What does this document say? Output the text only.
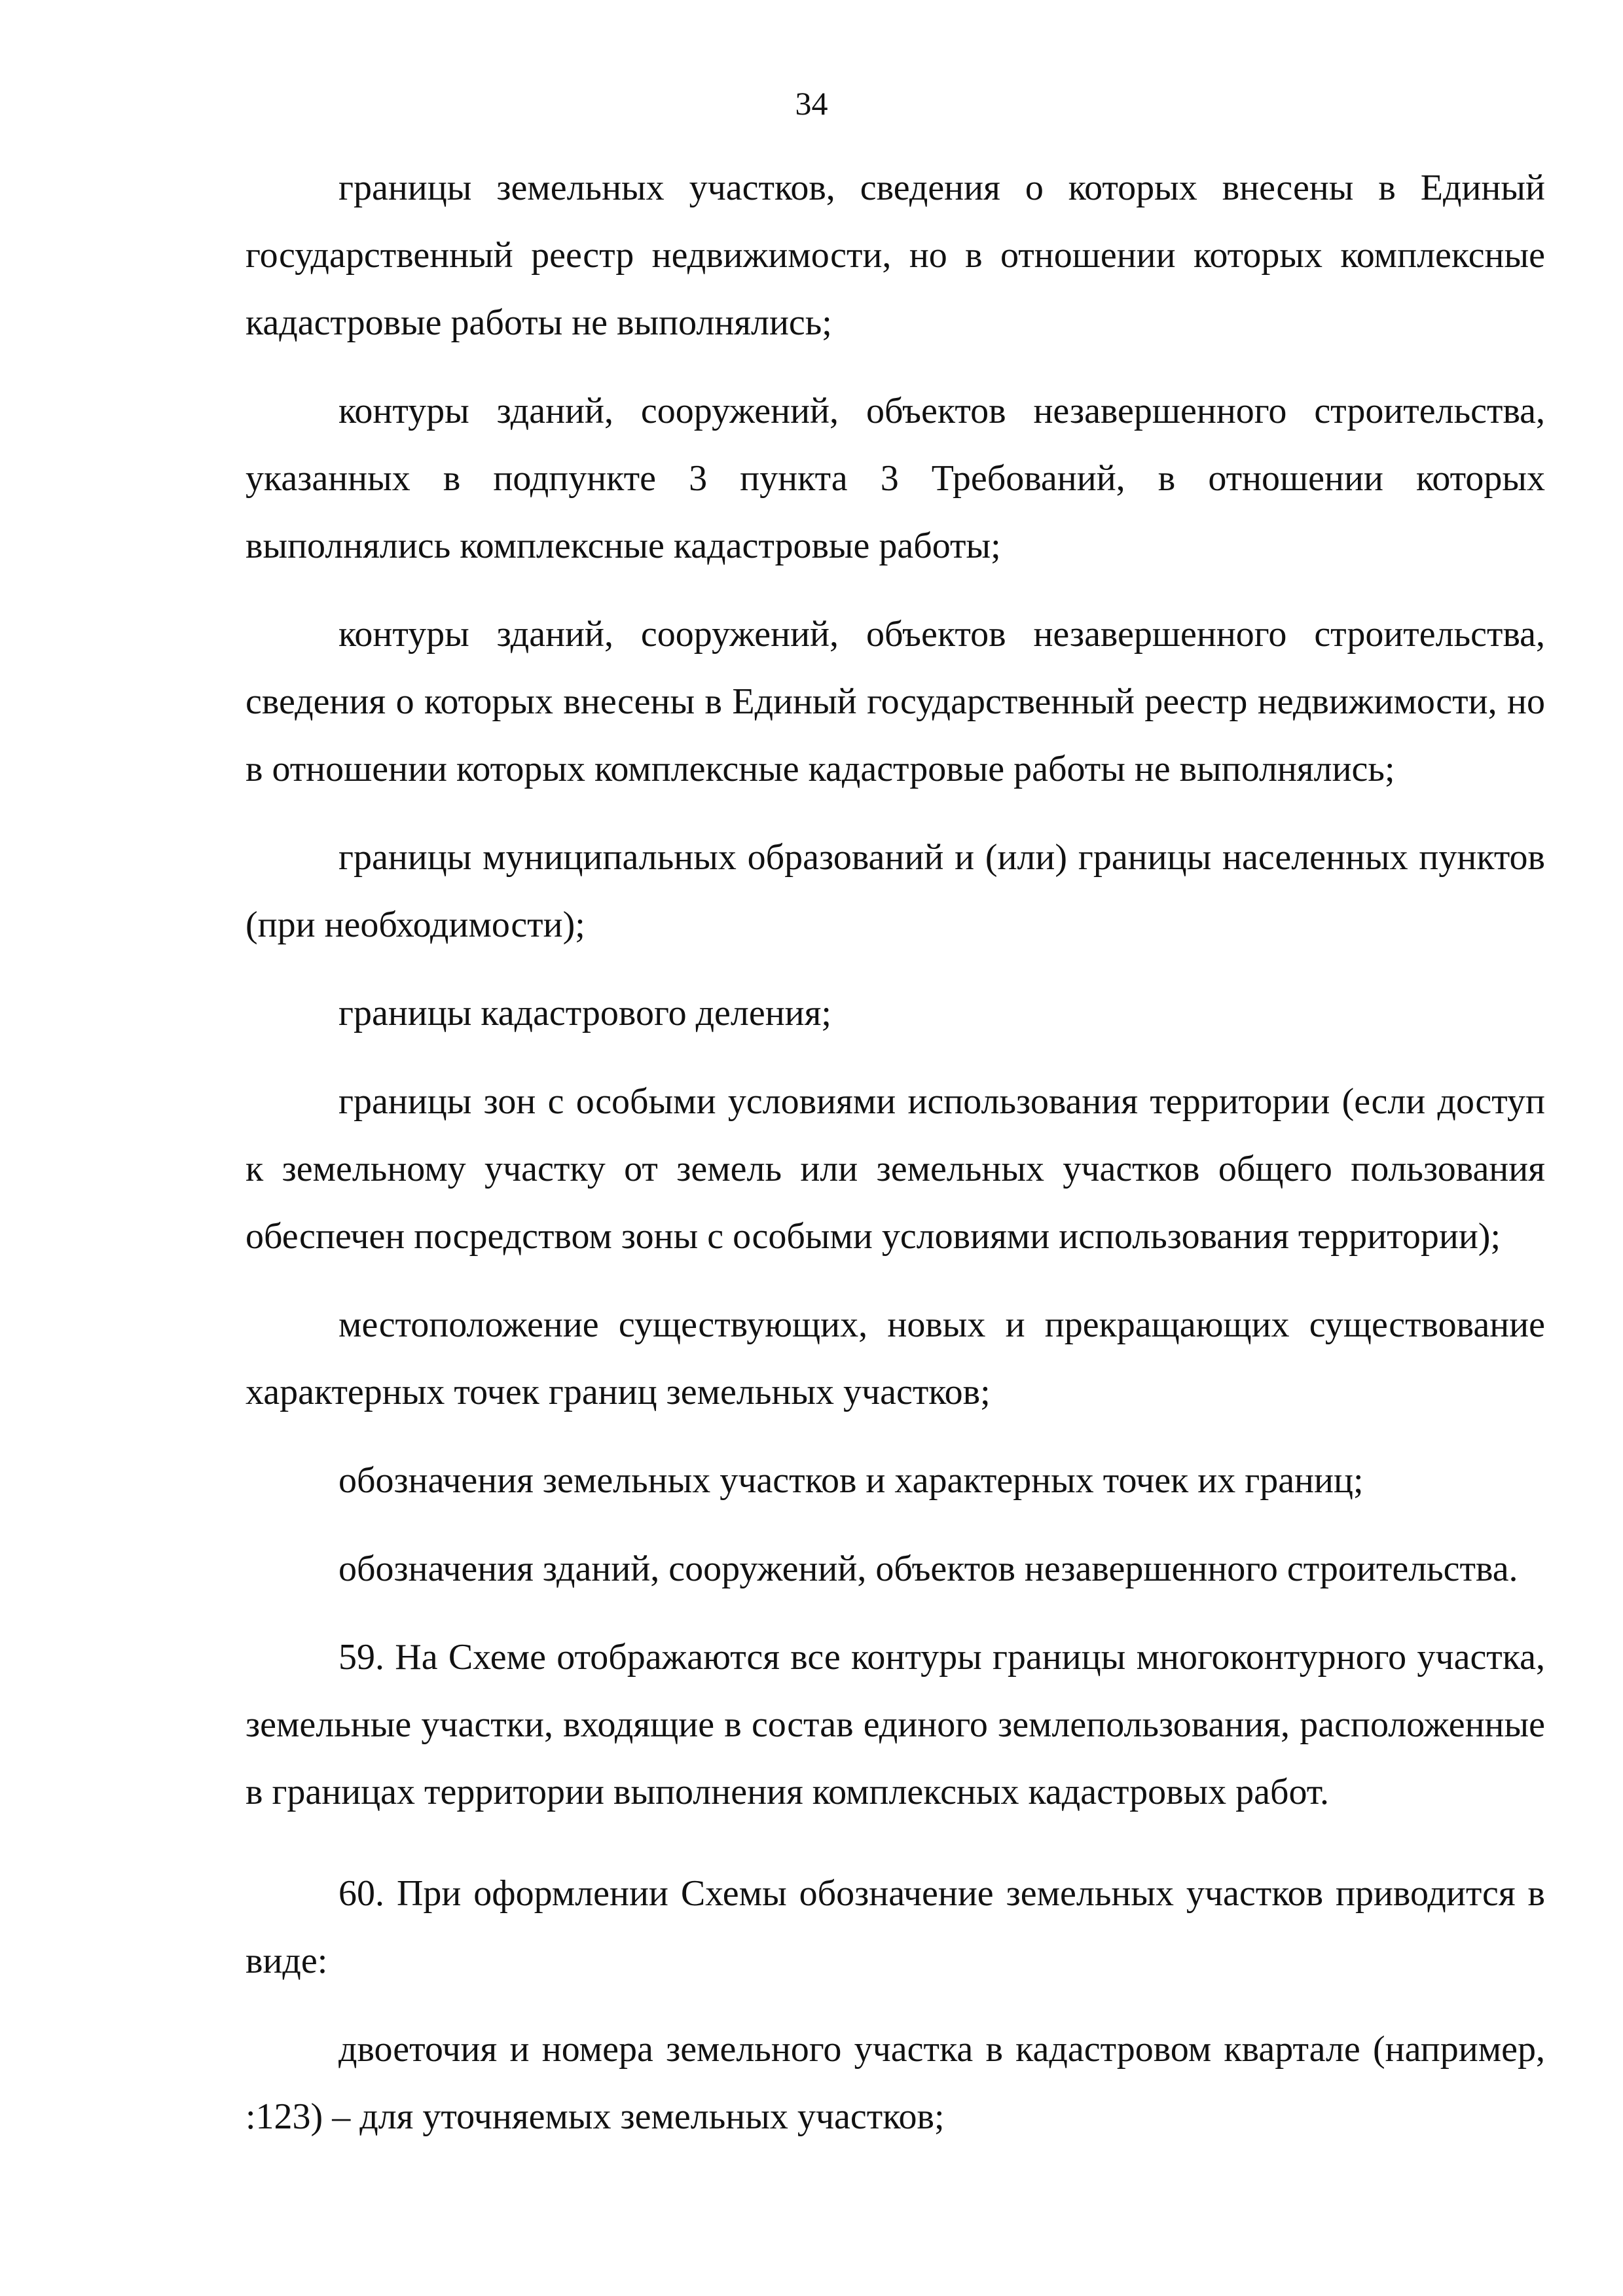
34

границы земельных участков, сведения о которых внесены в Единый государственный реестр недвижимости, но в отношении которых комплексные кадастровые работы не выполнялись;

контуры зданий, сооружений, объектов незавершенного строительства, указанных в подпункте 3 пункта 3 Требований, в отношении которых выполнялись комплексные кадастровые работы;

контуры зданий, сооружений, объектов незавершенного строительства, сведения о которых внесены в Единый государственный реестр недвижимости, но в отношении которых комплексные кадастровые работы не выполнялись;

границы муниципальных образований и (или) границы населенных пунктов (при необходимости);

границы кадастрового деления;

границы зон с особыми условиями использования территории (если доступ к земельному участку от земель или земельных участков общего пользования обеспечен посредством зоны с особыми условиями использования территории);

местоположение существующих, новых и прекращающих существование характерных точек границ земельных участков;

обозначения земельных участков и характерных точек их границ;

обозначения зданий, сооружений, объектов незавершенного строительства.

59. На Схеме отображаются все контуры границы многоконтурного участка, земельные участки, входящие в состав единого землепользования, расположенные в границах территории выполнения комплексных кадастровых работ.

60. При оформлении Схемы обозначение земельных участков приводится в виде:

двоеточия и номера земельного участка в кадастровом квартале (например, :123) – для уточняемых земельных участков;
